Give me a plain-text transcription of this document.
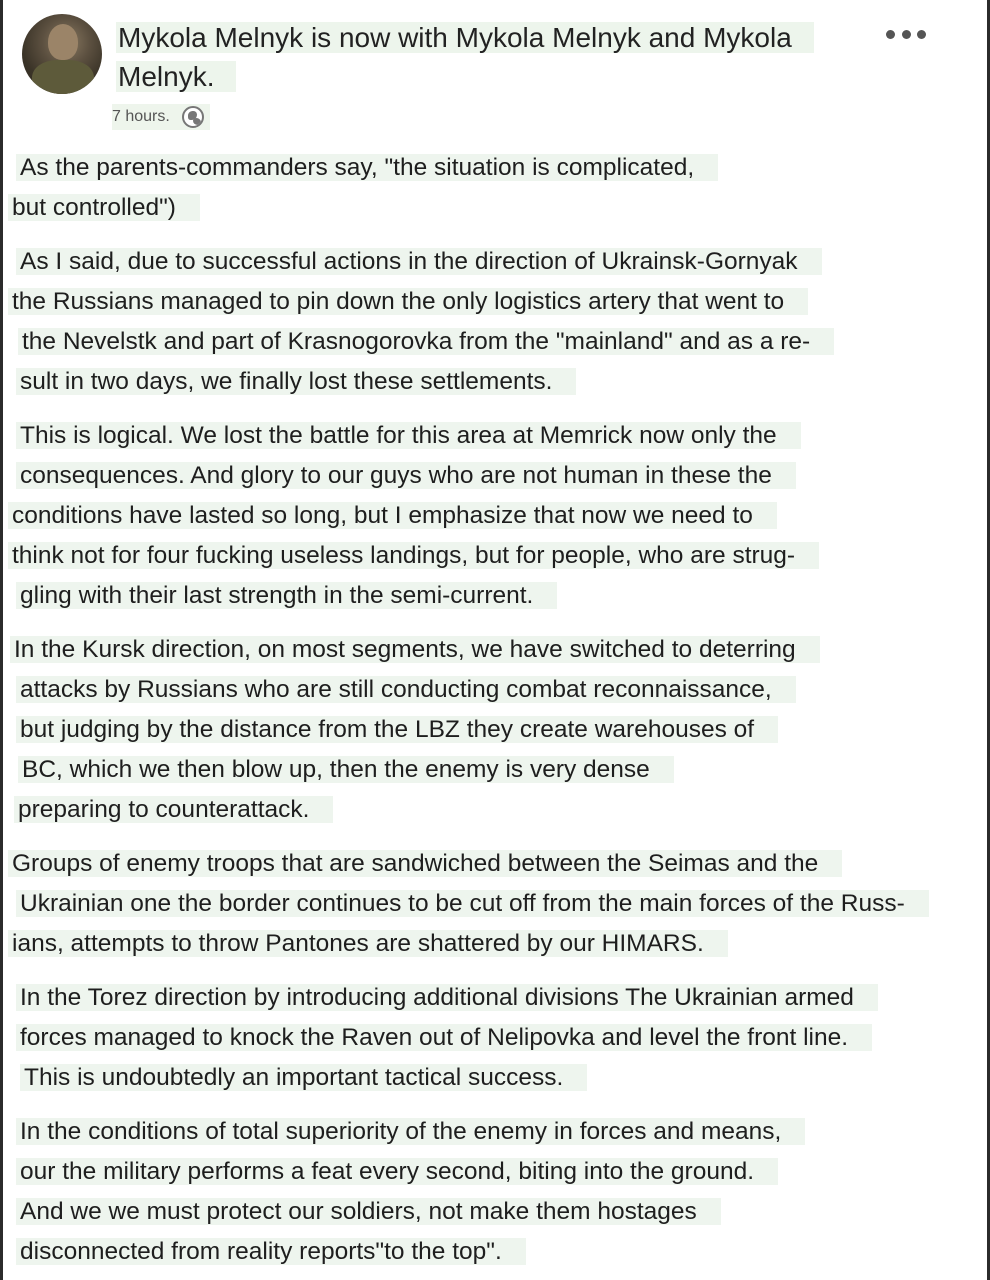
Mykola Melnyk is now with Mykola Melnyk and Mykola Melnyk.
7 hours.
As the parents-commanders say, "the situation is complicated,
but controlled")
As I said, due to successful actions in the direction of Ukrainsk-Gornyak
the Russians managed to pin down the only logistics artery that went to
the Nevelstk and part of Krasnogorovka from the "mainland" and as a re-
sult in two days, we finally lost these settlements.
This is logical. We lost the battle for this area at Memrick now only the
consequences. And glory to our guys who are not human in these the
conditions have lasted so long, but I emphasize that now we need to
think not for four fucking useless landings, but for people, who are strug-
gling with their last strength in the semi-current.
In the Kursk direction, on most segments, we have switched to deterring
attacks by Russians who are still conducting combat reconnaissance,
but judging by the distance from the LBZ they create warehouses of
BC, which we then blow up, then the enemy is very dense
preparing to counterattack.
Groups of enemy troops that are sandwiched between the Seimas and the
Ukrainian one the border continues to be cut off from the main forces of the Russ-
ians, attempts to throw Pantones are shattered by our HIMARS.
In the Torez direction by introducing additional divisions The Ukrainian armed
forces managed to knock the Raven out of Nelipovka and level the front line.
This is undoubtedly an important tactical success.
In the conditions of total superiority of the enemy in forces and means,
our the military performs a feat every second, biting into the ground.
And we we must protect our soldiers, not make them hostages
disconnected from reality reports"to the top".
